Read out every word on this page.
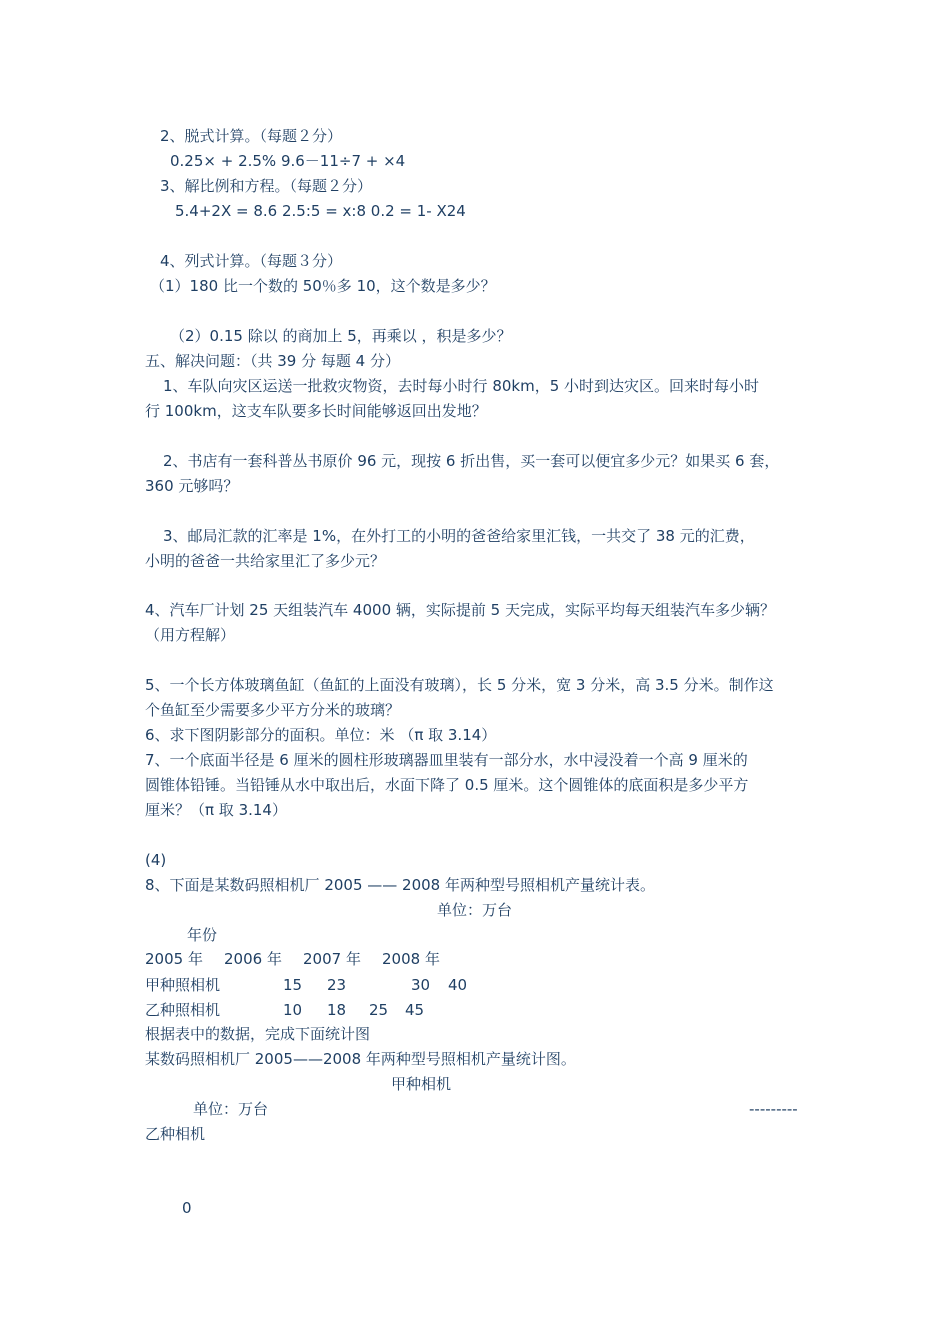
2、脱式计算。（每题２分）
0.25× + 2.5% 9.6－11÷7 + ×4
3、解比例和方程。（每题２分）
5.4+2X = 8.6 2.5:5 = x:8 0.2 = 1- X24
4、列式计算。（每题３分）
（1）180 比一个数的 50％多 10，这个数是多少？
（2）0.15 除以 的商加上 5，再乘以 ，积是多少？
五、解决问题：（共 39 分 每题 4 分）
1、车队向灾区运送一批救灾物资，去时每小时行 80km，5 小时到达灾区。回来时每小时
行 100km，这支车队要多长时间能够返回出发地？
2、书店有一套科普丛书原价 96 元，现按 6 折出售，买一套可以便宜多少元？如果买 6 套，
360 元够吗？
3、邮局汇款的汇率是 1%，在外打工的小明的爸爸给家里汇钱，一共交了 38 元的汇费，
小明的爸爸一共给家里汇了多少元？
4、汽车厂计划 25 天组装汽车 4000 辆，实际提前 5 天完成，实际平均每天组装汽车多少辆？
（用方程解）
5、一个长方体玻璃鱼缸（鱼缸的上面没有玻璃），长 5 分米，宽 3 分米，高 3.5 分米。制作这
个鱼缸至少需要多少平方分米的玻璃？
6、求下图阴影部分的面积。单位：米 （π 取 3.14）
7、一个底面半径是 6 厘米的圆柱形玻璃器皿里装有一部分水，水中浸没着一个高 9 厘米的
圆锥体铅锤。当铅锤从水中取出后，水面下降了 0.5 厘米。这个圆锥体的底面积是多少平方
厘米？（π 取 3.14）
(4)
8、下面是某数码照相机厂 2005 —— 2008 年两种型号照相机产量统计表。
单位：万台
年份
2005 年 2006 年 2007 年 2008 年
甲种照相机	15 23	30 40
乙种照相机	10 18 25 45
根据表中的数据，完成下面统计图
某数码照相机厂 2005——2008 年两种型号照相机产量统计图。
甲种相机
单位：万台	---------
乙种相机
0
